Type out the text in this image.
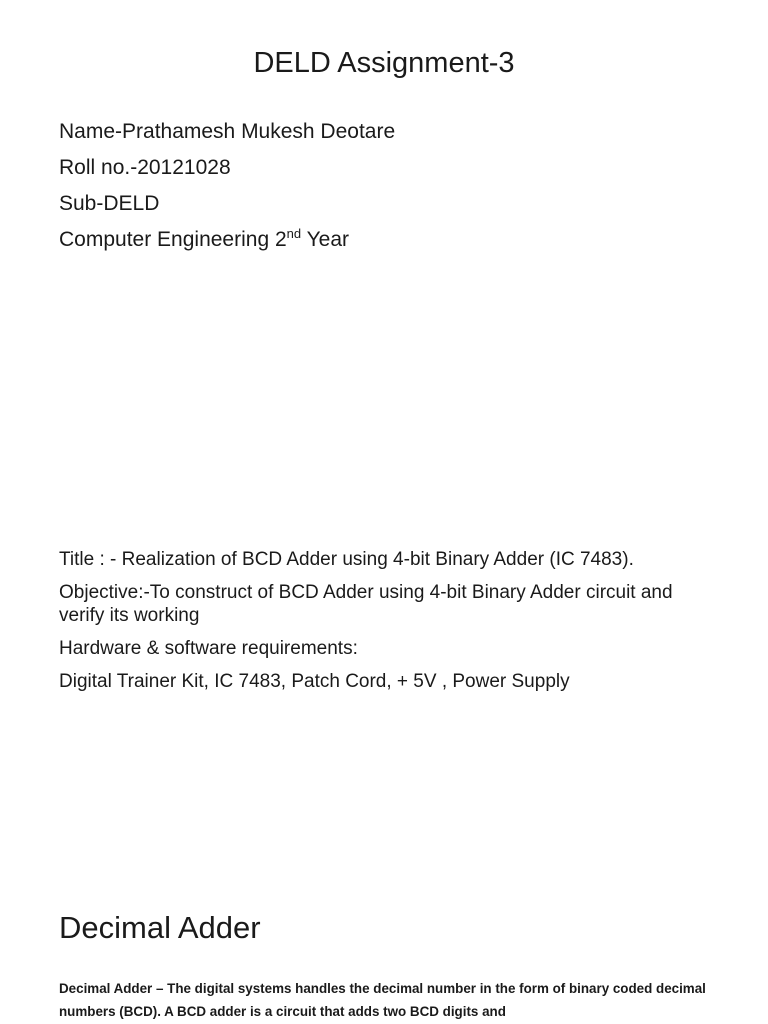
DELD Assignment-3
Name-Prathamesh Mukesh Deotare
Roll no.-20121028
Sub-DELD
Computer Engineering 2nd Year

Title : - Realization of BCD Adder using 4-bit Binary Adder (IC 7483).

Objective:-To construct of BCD Adder using 4-bit Binary Adder circuit and verify its working

Hardware & software requirements:

Digital Trainer Kit, IC 7483, Patch Cord, + 5V , Power Supply

Decimal Adder

Decimal Adder – The digital systems handles the decimal number in the form of binary coded decimal numbers (BCD). A BCD adder is a circuit that adds two BCD digits and
